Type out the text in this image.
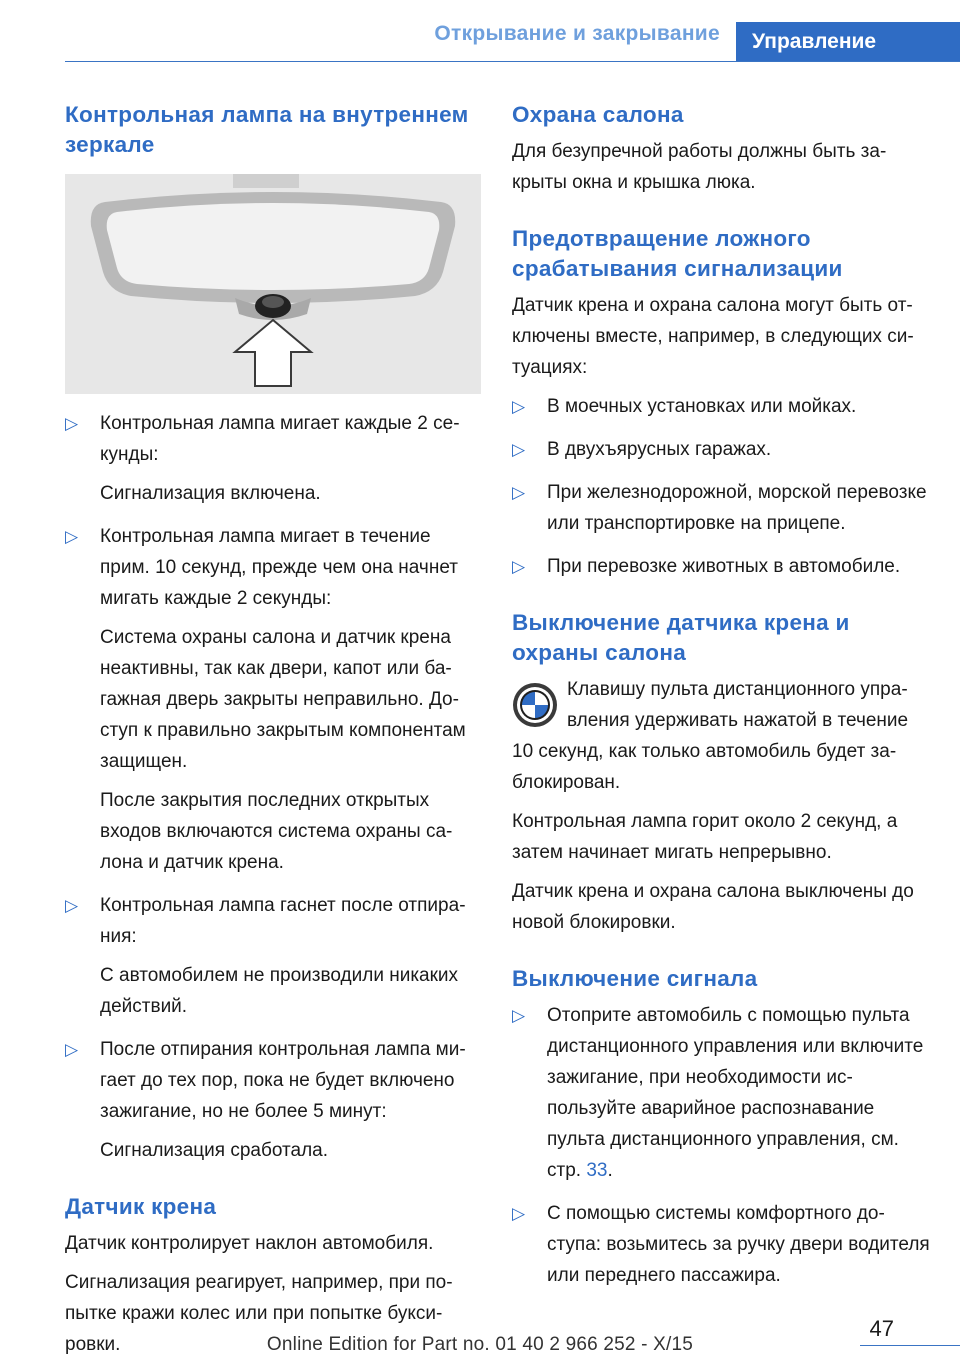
Открывание и закрывание	Управление
Контрольная лампа на внутреннем зеркале
▷ Контрольная лампа мигает каждые 2 секунды:

Сигнализация включена.

▷ Контрольная лампа мигает в течение прим. 10 секунд, прежде чем она начнет мигать каждые 2 секунды:

Система охраны салона и датчик крена неактивны, так как двери, капот или багажная дверь закрыты неправильно. Доступ к правильно закрытым компонентам защищен.

После закрытия последних открытых входов включаются система охраны салона и датчик крена.

▷ Контрольная лампа гаснет после отпирания:

С автомобилем не производили никаких действий.

▷ После отпирания контрольная лампа мигает до тех пор, пока не будет включено зажигание, но не более 5 минут:

Сигнализация сработала.

Датчик крена

Датчик контролирует наклон автомобиля.

Сигнализация реагирует, например, при попытке кражи колес или при попытке буксировки.

Охрана салона

Для безупречной работы должны быть закрыты окна и крышка люка.

Предотвращение ложного срабатывания сигнализации

Датчик крена и охрана салона могут быть отключены вместе, например, в следующих ситуациях:

▷ В моечных установках или мойках.
▷ В двухъярусных гаражах.
▷ При железнодорожной, морской перевозке или транспортировке на прицепе.
▷ При перевозке животных в автомобиле.
Выключение датчика крена и охраны салона

Клавишу пульта дистанционного управления удерживать нажатой в течение

10 секунд, как только автомобиль будет заблокирован.

Контрольная лампа горит около 2 секунд, а затем начинает мигать непрерывно.

Датчик крена и охрана салона выключены до новой блокировки.

Выключение сигнала
▷ Отоприте автомобиль с помощью пульта дистанционного управления или включите зажигание, при необходимости используйте аварийное распознавание пульта дистанционного управления, см. стр. 33.
▷ С помощью системы комфортного доступа: возьмитесь за ручку двери водителя или переднего пассажира.
47
Online Edition for Part no. 01 40 2 966 252 - X/15
